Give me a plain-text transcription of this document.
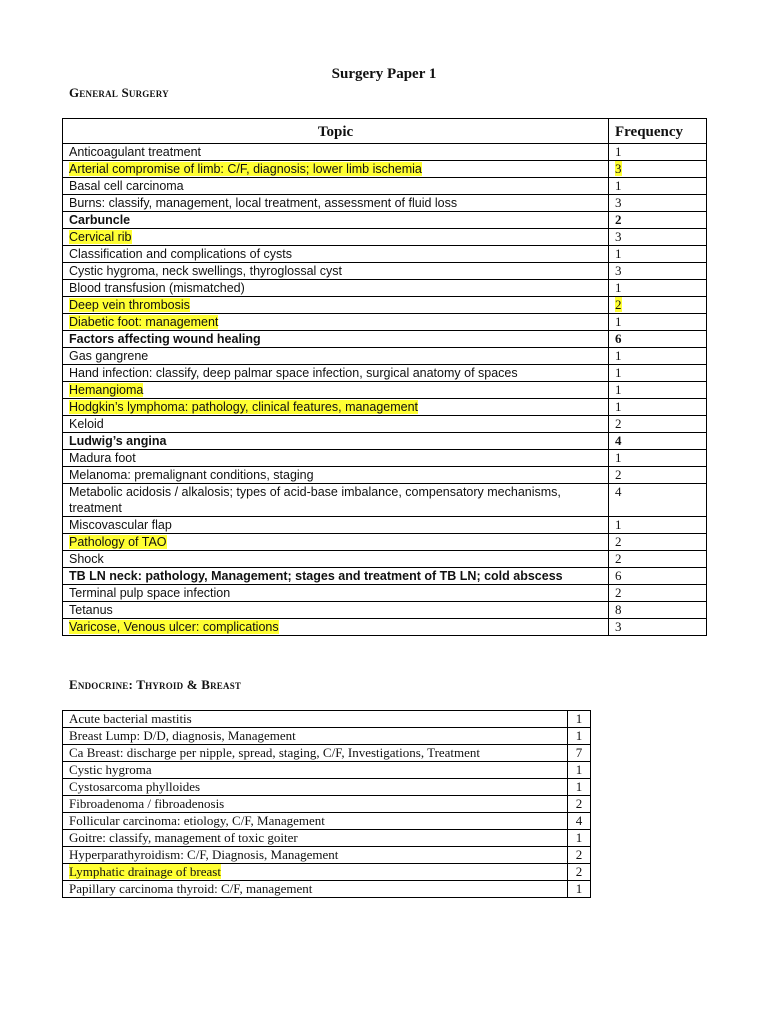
Surgery Paper 1
General Surgery
Topic	Frequency
Anticoagulant treatment	1
Arterial compromise of limb: C/F, diagnosis; lower limb ischemia	3
Basal cell carcinoma	1
Burns: classify, management, local treatment, assessment of fluid loss	3
Carbuncle	2
Cervical rib	3
Classification and complications of cysts	1
Cystic hygroma, neck swellings, thyroglossal cyst	3
Blood transfusion (mismatched)	1
Deep vein thrombosis	2
Diabetic foot: management	1
Factors affecting wound healing	6
Gas gangrene	1
Hand infection: classify, deep palmar space infection, surgical anatomy of spaces	1
Hemangioma	1
Hodgkin’s lymphoma: pathology, clinical features, management	1
Keloid	2
Ludwig’s angina	4
Madura foot	1
Melanoma: premalignant conditions, staging	2
Metabolic acidosis / alkalosis; types of acid-base imbalance, compensatory mechanisms, treatment	4
Miscovascular flap	1
Pathology of TAO	2
Shock	2
TB LN neck: pathology, Management; stages and treatment of TB LN; cold abscess	6
Terminal pulp space infection	2
Tetanus	8
Varicose, Venous ulcer: complications	3
Endocrine: Thyroid & Breast
Acute bacterial mastitis	1
Breast Lump: D/D, diagnosis, Management	1
Ca Breast: discharge per nipple, spread, staging, C/F, Investigations, Treatment	7
Cystic hygroma	1
Cystosarcoma phylloides	1
Fibroadenoma / fibroadenosis	2
Follicular carcinoma: etiology, C/F, Management	4
Goitre: classify, management of toxic goiter	1
Hyperparathyroidism: C/F, Diagnosis, Management	2
Lymphatic drainage of breast	2
Papillary carcinoma thyroid: C/F, management	1
